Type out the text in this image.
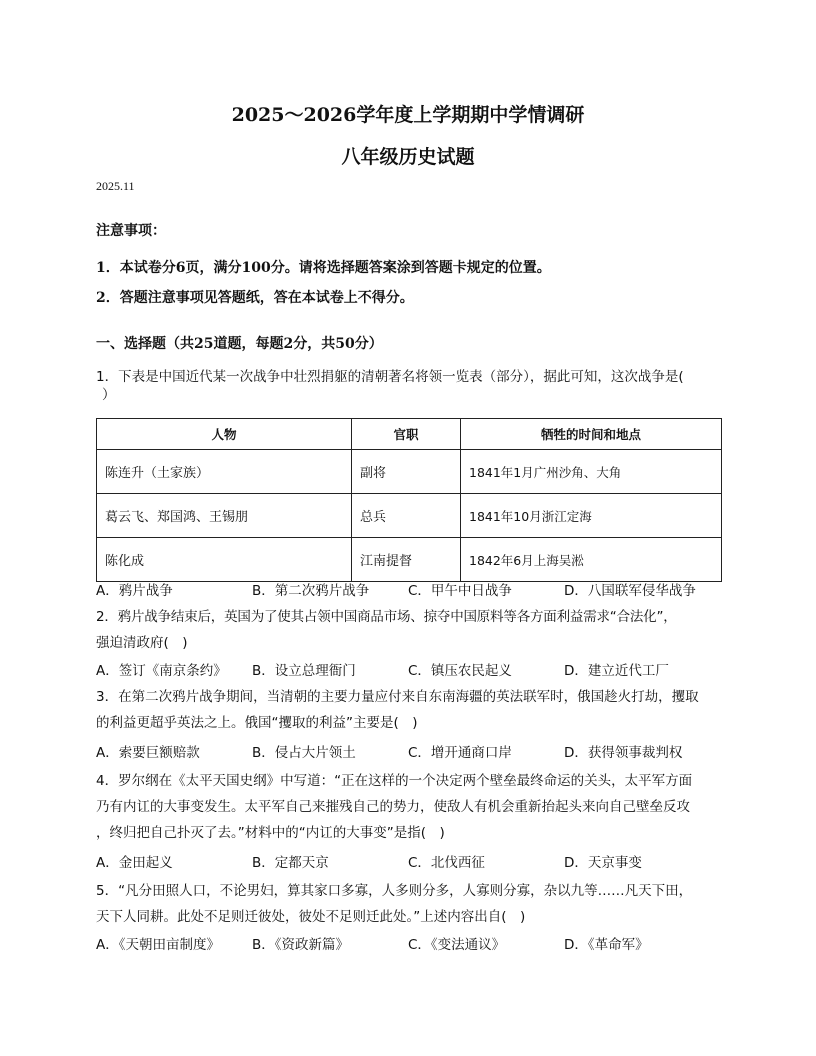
2025～2026学年度上学期期中学情调研
八年级历史试题
2025.11
注意事项：
1．本试卷分6页，满分100分。请将选择题答案涂到答题卡规定的位置。
2．答题注意事项见答题纸，答在本试卷上不得分。
一、选择题（共25道题，每题2分，共50分）

1．下表是中国近代某一次战争中壮烈捐躯的清朝著名将领一览表（部分），据此可知，这次战争是(

）

人物	官职	牺牲的时间和地点
陈连升（土家族）	副将	1841年1月广州沙角、大角
葛云飞、郑国鸿、王锡朋	总兵	1841年10月浙江定海
陈化成	江南提督	1842年6月上海吴淞
A．鸦片战争	B．第二次鸦片战争	C．甲午中日战争	D．八国联军侵华战争

2．鸦片战争结束后，英国为了使其占领中国商品市场、掠夺中国原料等各方面利益需求“合法化”，

强迫清政府(　)

A．签订《南京条约》 B．设立总理衙门	C．镇压农民起义	D．建立近代工厂

3．在第二次鸦片战争期间，当清朝的主要力量应付来自东南海疆的英法联军时，俄国趁火打劫，攫取

的利益更超乎英法之上。俄国“攫取的利益”主要是(　)

A．索要巨额赔款	B．侵占大片领土	C．增开通商口岸	D．获得领事裁判权

4．罗尔纲在《太平天国史纲》中写道：“正在这样的一个决定两个壁垒最终命运的关头，太平军方面

乃有内讧的大事变发生。太平军自己来摧残自己的势力，使敌人有机会重新抬起头来向自己壁垒反攻

，终归把自己扑灭了去。”材料中的“内讧的大事变”是指(　)

A．金田起义	B．定都天京	C．北伐西征	D．天京事变

5．“凡分田照人口，不论男妇，算其家口多寡，人多则分多，人寡则分寡，杂以九等……凡天下田，

天下人同耕。此处不足则迁彼处，彼处不足则迁此处。”上述内容出自(　)

A．《天朝田亩制度》 B．《资政新篇》	C．《变法通议》	D．《革命军》
